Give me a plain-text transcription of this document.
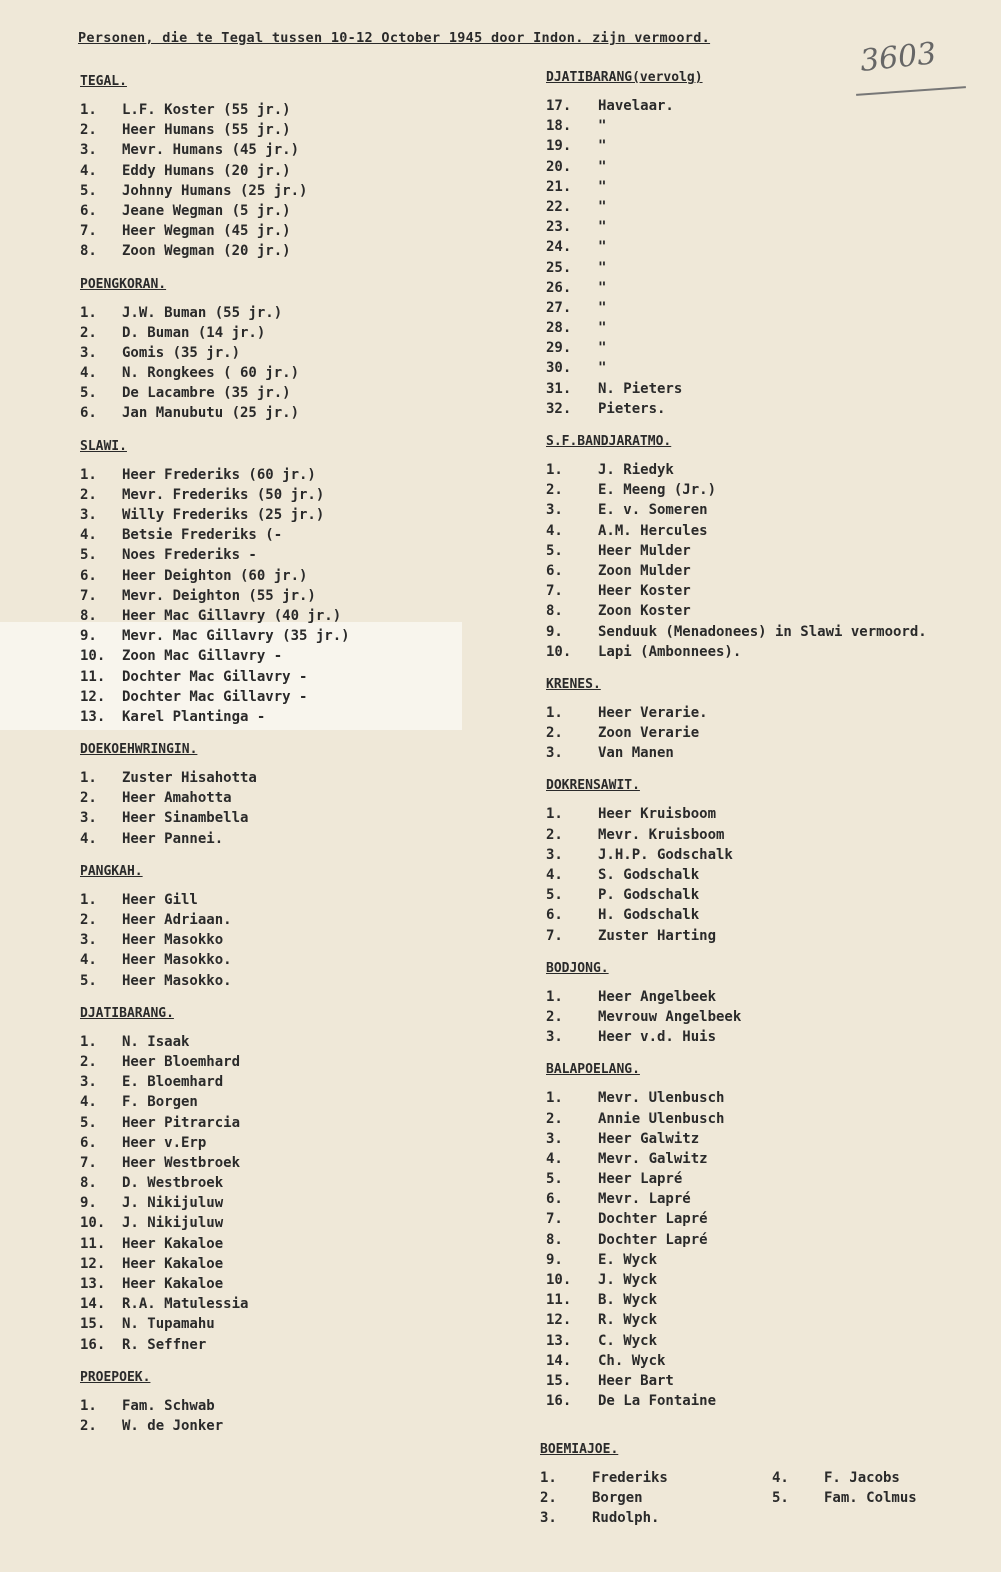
Personen, die te Tegal tussen 10-12 October 1945 door Indon. zijn vermoord.	3603
TEGAL.
1. L.F. Koster (55 jr.)
2. Heer Humans (55 jr.)
3. Mevr. Humans (45 jr.)
4. Eddy Humans (20 jr.)
5. Johnny Humans (25 jr.)
6. Jeane Wegman (5 jr.)
7. Heer Wegman (45 jr.)
8. Zoon Wegman (20 jr.)
POENGKORAN.
1. J.W. Buman (55 jr.)
2. D. Buman (14 jr.)
3. Gomis (35 jr.)
4. N. Rongkees ( 60 jr.)
5. De Lacambre (35 jr.)
6. Jan Manubutu (25 jr.)
SLAWI.
1. Heer Frederiks (60 jr.)
2. Mevr. Frederiks (50 jr.)
3. Willy Frederiks (25 jr.)
4. Betsie Frederiks (-
5. Noes Frederiks -
6. Heer Deighton (60 jr.)
7. Mevr. Deighton (55 jr.)
8. Heer Mac Gillavry (40 jr.)
9. Mevr. Mac Gillavry (35 jr.)
10. Zoon Mac Gillavry -
11. Dochter Mac Gillavry -
12. Dochter Mac Gillavry -
13. Karel Plantinga -
DOEKOEHWRINGIN.
1. Zuster Hisahotta
2. Heer Amahotta
3. Heer Sinambella
4. Heer Pannei.
PANGKAH.
1. Heer Gill
2. Heer Adriaan.
3. Heer Masokko
4. Heer Masokko.
5. Heer Masokko.
DJATIBARANG.
1. N. Isaak
2. Heer Bloemhard
3. E. Bloemhard
4. F. Borgen
5. Heer Pitrarcia
6. Heer v.Erp
7. Heer Westbroek
8. D. Westbroek
9. J. Nikijuluw
10. J. Nikijuluw
11. Heer Kakaloe
12. Heer Kakaloe
13. Heer Kakaloe
14. R.A. Matulessia
15. N. Tupamahu
16. R. Seffner
PROEPOEK.
1. Fam. Schwab
2. W. de Jonker
DJATIBARANG(vervolg)
17. Havelaar.
18. "
19. "
20. "
21. "
22. "
23. "
24. "
25. "
26. "
27. "
28. "
29. "
30. "
31. N. Pieters
32.Pieters.
S.F.BANDJARATMO.
1.	J. Riedyk
2.	E. Meeng (Jr.)
3.	E. v. Someren
4.	A.M. Hercules
5.	Heer Mulder
6.	Zoon Mulder
7.	Heer Koster
8.	Zoon Koster
9.	Senduuk (Menadonees) in Slawi vermoord.
10. Lapi (Ambonnees).
KRENES.
1.	Heer Verarie.
2.	Zoon Verarie
3.	Van Manen
DOKRENSAWIT.
1.	Heer Kruisboom
2.	Mevr. Kruisboom
3.	J.H.P. Godschalk
4.	S. Godschalk
5.	P. Godschalk
6.	H. Godschalk
7.	Zuster Harting
BODJONG.
1.	Heer Angelbeek
2.	Mevrouw Angelbeek
3.	Heer v.d. Huis
BALAPOELANG.
1.	Mevr. Ulenbusch
2.	Annie Ulenbusch
3.	Heer Galwitz
4.	Mevr. Galwitz
5.	Heer Lapré
6.	Mevr. Lapré
7.	Dochter Lapré
8.	Dochter Lapré
9.	E. Wyck
10. J. Wyck
11. B. Wyck
12. R. Wyck
13. C. Wyck
14. Ch. Wyck
15. Heer Bart
16. De La Fontaine
BOEMIAJOE.
1.	Frederiks
2.	Borgen
3.	Rudolph.
4.	F. Jacobs
5.	Fam. Colmus
